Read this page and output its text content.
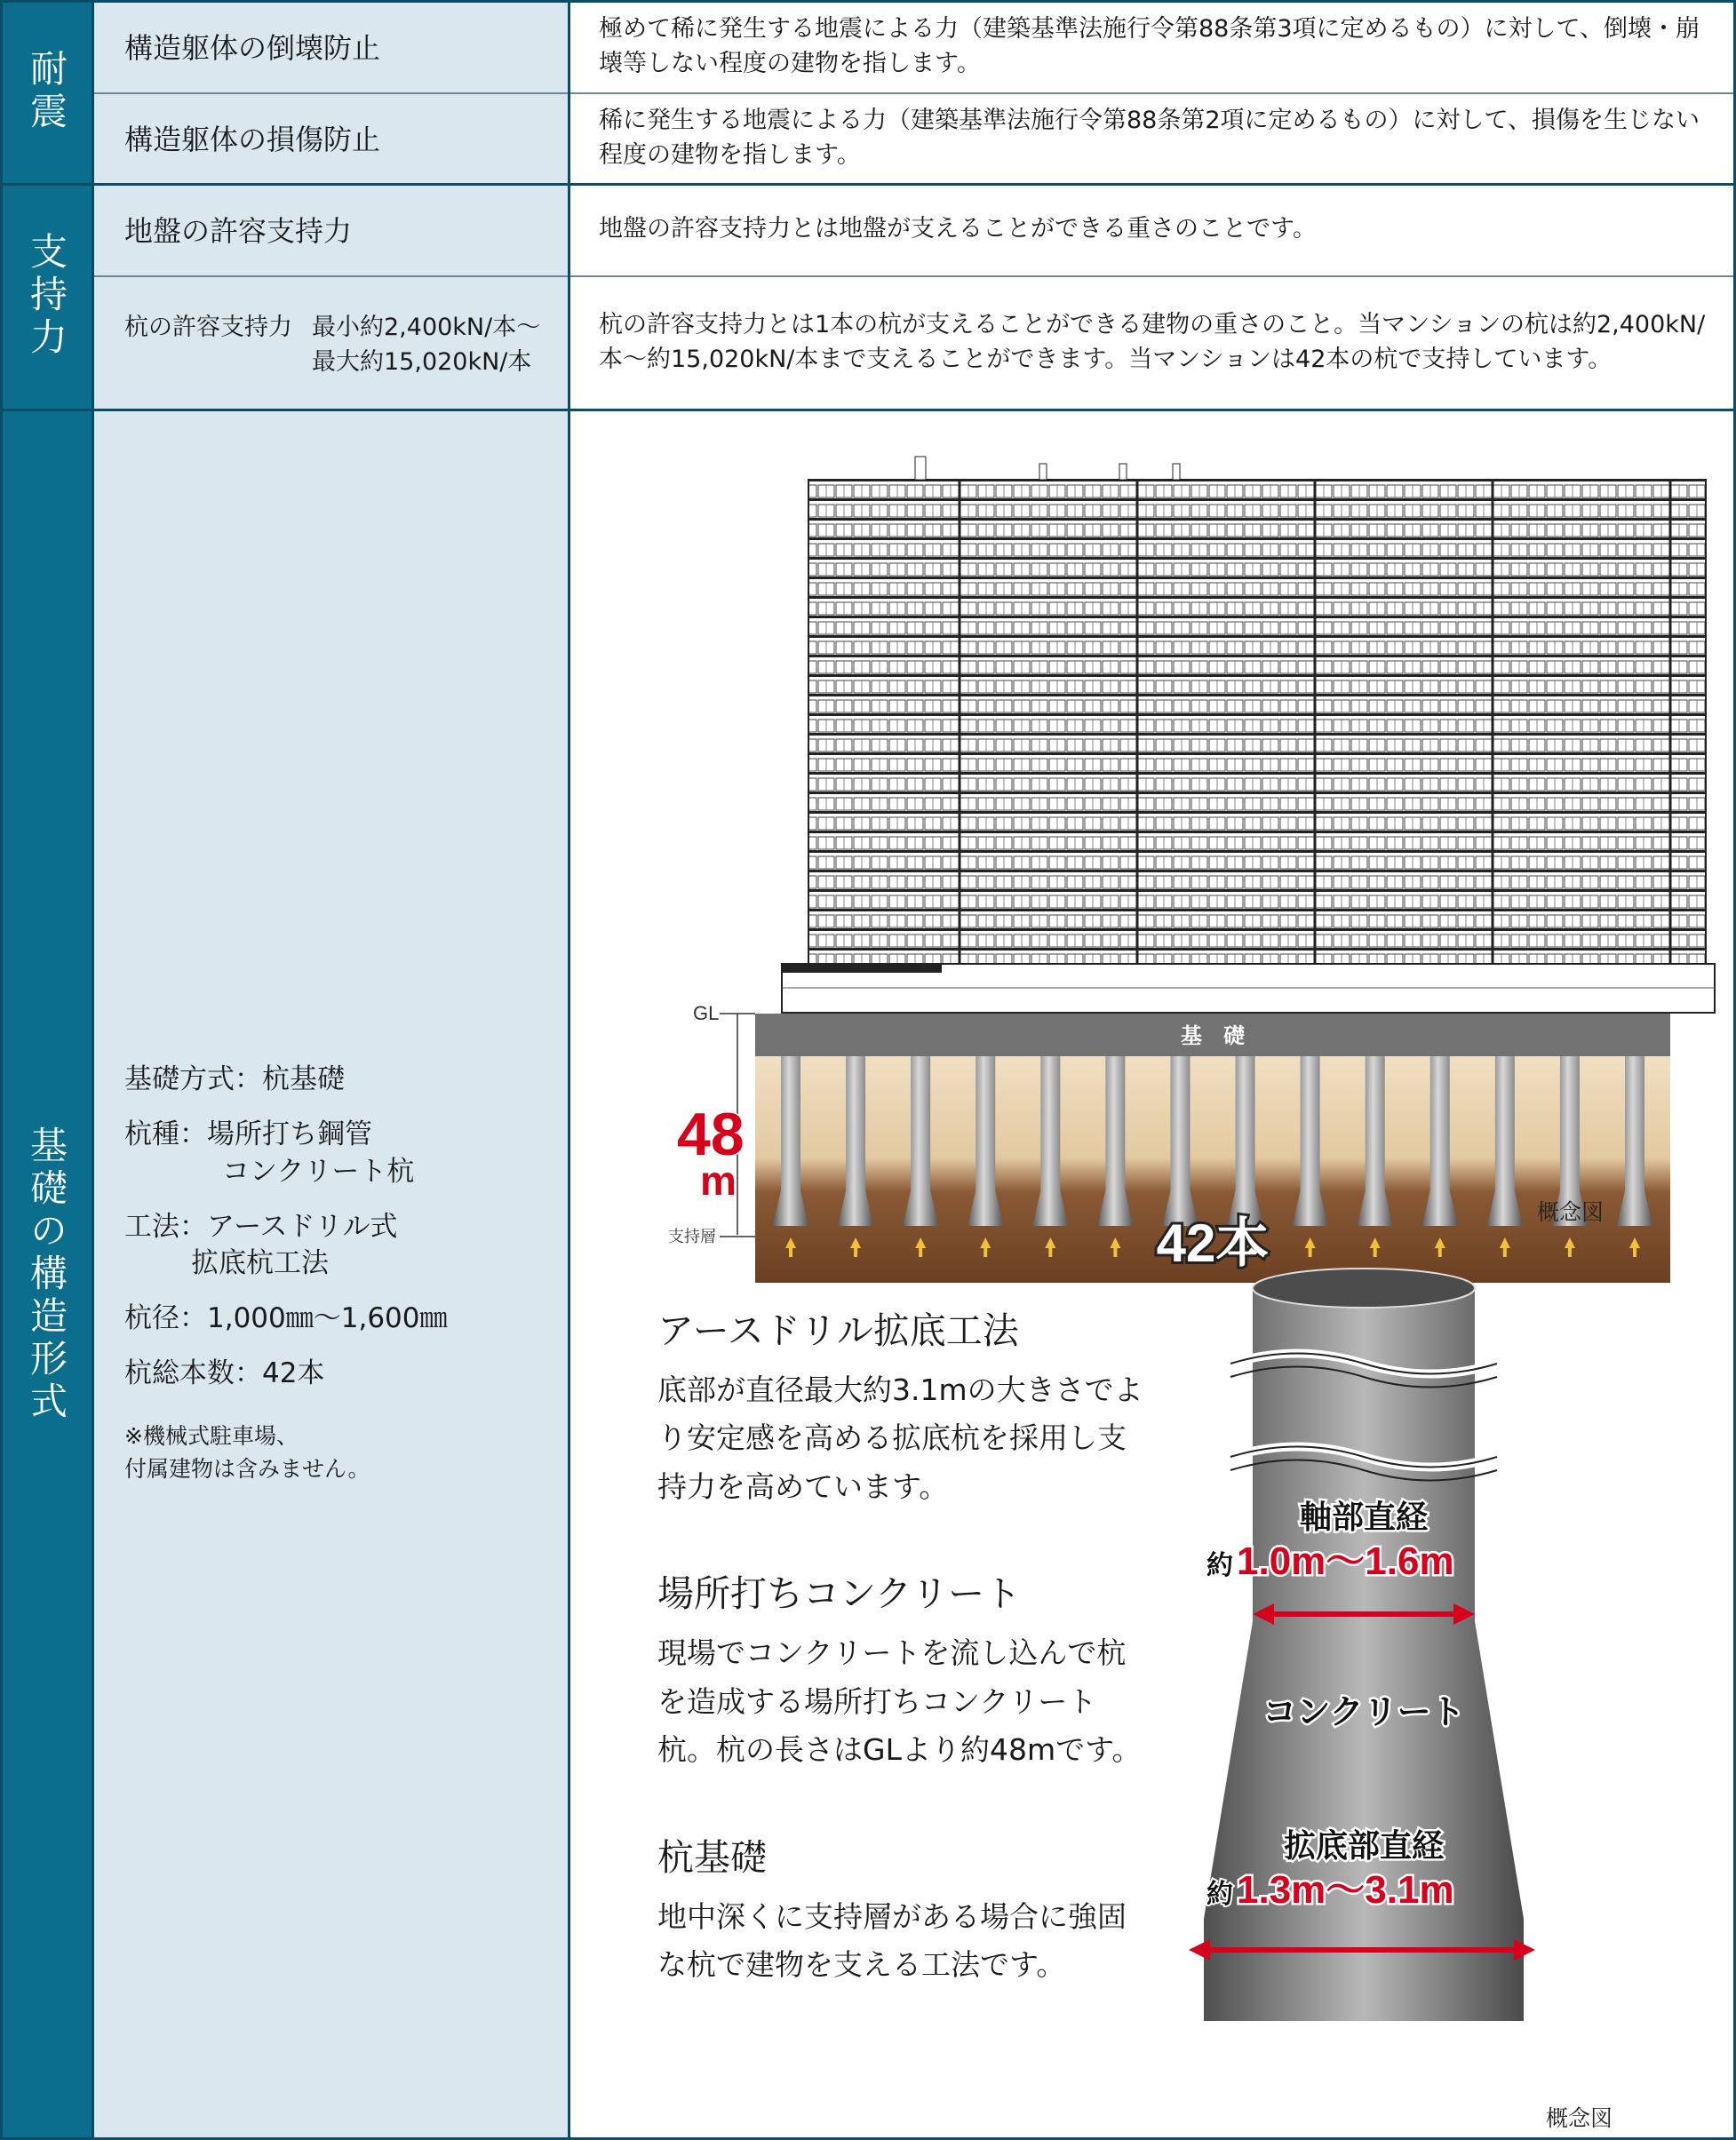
耐震
構造躯体の倒壊防止
極めて稀に発生する地震による力（建築基準法施行令第88条第3項に定めるもの）に対して、倒壊・崩壊等しない程度の建物を指します。
構造躯体の損傷防止
稀に発生する地震による力（建築基準法施行令第88条第2項に定めるもの）に対して、損傷を生じない程度の建物を指します。
支持力
地盤の許容支持力	地盤の許容支持力とは地盤が支えることができる重さのことです。
杭の許容支持力 最小約2,400kN/本～
最大約15,020kN/本
杭の許容支持力とは1本の杭が支えることができる建物の重さのこと。当マンションの杭は約2,400kN/本～約15,020kN/本まで支えることができます。当マンションは42本の杭で支持しています。
基礎の構造形式

基礎方式：杭基礎

杭種：場所打ち鋼管
コンクリート杭

工法：アースドリル式
拡底杭工法

杭径：1,000㎜～1,600㎜

杭総本数：42本

※機械式駐車場、
付属建物は含みません。

GL
基　礎
48
m
支持層	42本
概念図
アースドリル拡底工法

底部が直径最大約3.1mの大きさでより安定感を高める拡底杭を採用し支持力を高めています。

場所打ちコンクリート

現場でコンクリートを流し込んで杭を造成する場所打ちコンクリート杭。杭の長さはGLより約48mです。

杭基礎

地中深くに支持層がある場合に強固な杭で建物を支える工法です。

軸部直経
約 1.0m～1.6m
コンクリート
拡底部直経
約 1.3m～3.1m
概念図
